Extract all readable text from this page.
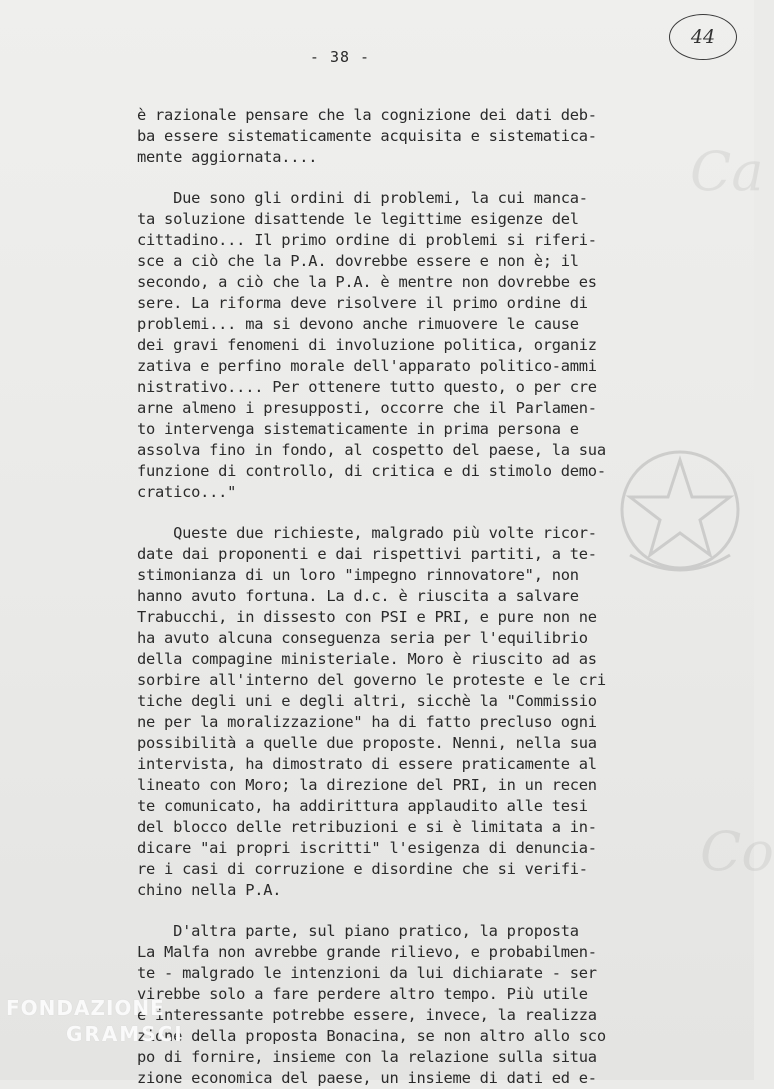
Ca
Co
- 38 -
44

è razionale pensare che la cognizione dei dati deb-
ba essere sistematicamente acquisita e sistematica-
mente aggiornata....

Due sono gli ordini di problemi, la cui manca-
ta soluzione disattende le legittime esigenze del
cittadino... Il primo ordine di problemi si riferi-
sce a ciò che la P.A. dovrebbe essere e non è; il
secondo, a ciò che la P.A. è mentre non dovrebbe es
sere. La riforma deve risolvere il primo ordine di
problemi... ma si devono anche rimuovere le cause
dei gravi fenomeni di involuzione politica, organiz
zativa e perfino morale dell'apparato politico-ammi
nistrativo.... Per ottenere tutto questo, o per cre
arne almeno i presupposti, occorre che il Parlamen-
to intervenga sistematicamente in prima persona e
assolva fino in fondo, al cospetto del paese, la sua
funzione di controllo, di critica e di stimolo demo-
cratico..."

Queste due richieste, malgrado più volte ricor-
date dai proponenti e dai rispettivi partiti, a te-
stimonianza di un loro "impegno rinnovatore", non
hanno avuto fortuna. La d.c. è riuscita a salvare
Trabucchi, in dissesto con PSI e PRI, e pure non ne
ha avuto alcuna conseguenza seria per l'equilibrio
della compagine ministeriale. Moro è riuscito ad as
sorbire all'interno del governo le proteste e le cri
tiche degli uni e degli altri, sicchè la "Commissio
ne per la moralizzazione" ha di fatto precluso ogni
possibilità a quelle due proposte. Nenni, nella sua
intervista, ha dimostrato di essere praticamente al
lineato con Moro; la direzione del PRI, in un recen
te comunicato, ha addirittura applaudito alle tesi
del blocco delle retribuzioni e si è limitata a in-
dicare "ai propri iscritti" l'esigenza di denuncia-
re i casi di corruzione e disordine che si verifi-
chino nella P.A.

D'altra parte, sul piano pratico, la proposta
La Malfa non avrebbe grande rilievo, e probabilmen-
te - malgrado le intenzioni da lui dichiarate - ser
virebbe solo a fare perdere altro tempo. Più utile
e interessante potrebbe essere, invece, la realizza
zione della proposta Bonacina, se non altro allo sco
po di fornire, insieme con la relazione sulla situa
zione economica del paese, un insieme di dati ed e-

FONDAZIONE
GRAMSCI
